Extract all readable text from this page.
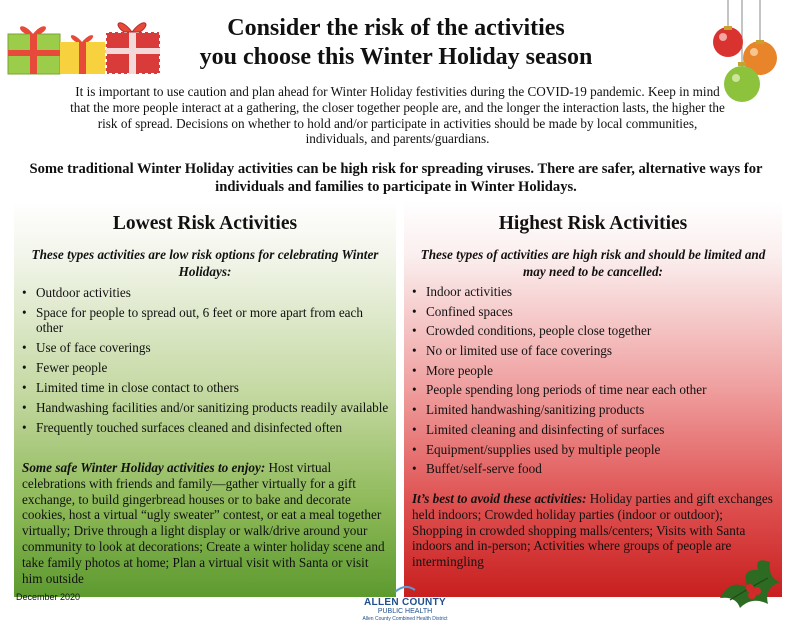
Consider the risk of the activities
you choose this Winter Holiday season
It is important to use caution and plan ahead for Winter Holiday festivities during the COVID-19 pandemic. Keep in mind that the more people interact at a gathering, the closer together people are, and the longer the interaction lasts, the higher the risk of spread. Decisions on whether to hold and/or participate in activities should be made by local communities, individuals, and parents/guardians.
Some traditional Winter Holiday activities can be high risk for spreading viruses. There are safer, alternative ways for individuals and families to participate in Winter Holidays.
Lowest Risk Activities
These types activities are low risk options for celebrating Winter Holidays:
• Outdoor activities
• Space for people to spread out, 6 feet or more apart from each other
• Use of face coverings
• Fewer people
• Limited time in close contact to others
• Handwashing facilities and/or sanitizing products readily available
• Frequently touched surfaces cleaned and disinfected often
Some safe Winter Holiday activities to enjoy: Host virtual celebrations with friends and family—gather virtually for a gift exchange, to build gingerbread houses or to bake and decorate cookies, host a virtual “ugly sweater” contest, or eat a meal together virtually; Drive through a light display or walk/drive around your community to look at decorations; Create a winter holiday scene and take family photos at home; Plan a virtual visit with Santa or visit him outside
Highest Risk Activities
These types of activities are high risk and should be limited and may need to be cancelled:
• Indoor activities
• Confined spaces
• Crowded conditions, people close together
• No or limited use of face coverings
• More people
• People spending long periods of time near each other
• Limited handwashing/sanitizing products
• Limited cleaning and disinfecting of surfaces
• Equipment/supplies used by multiple people
• Buffet/self-serve food
It’s best to avoid these activities: Holiday parties and gift exchanges held indoors; Crowded holiday parties (indoor or outdoor); Shopping in crowded shopping malls/centers; Visits with Santa indoors and in-person; Activities where groups of people are intermingling
December 2020	ALLEN COUNTY
PUBLIC HEALTH
Allen County Combined Health District
